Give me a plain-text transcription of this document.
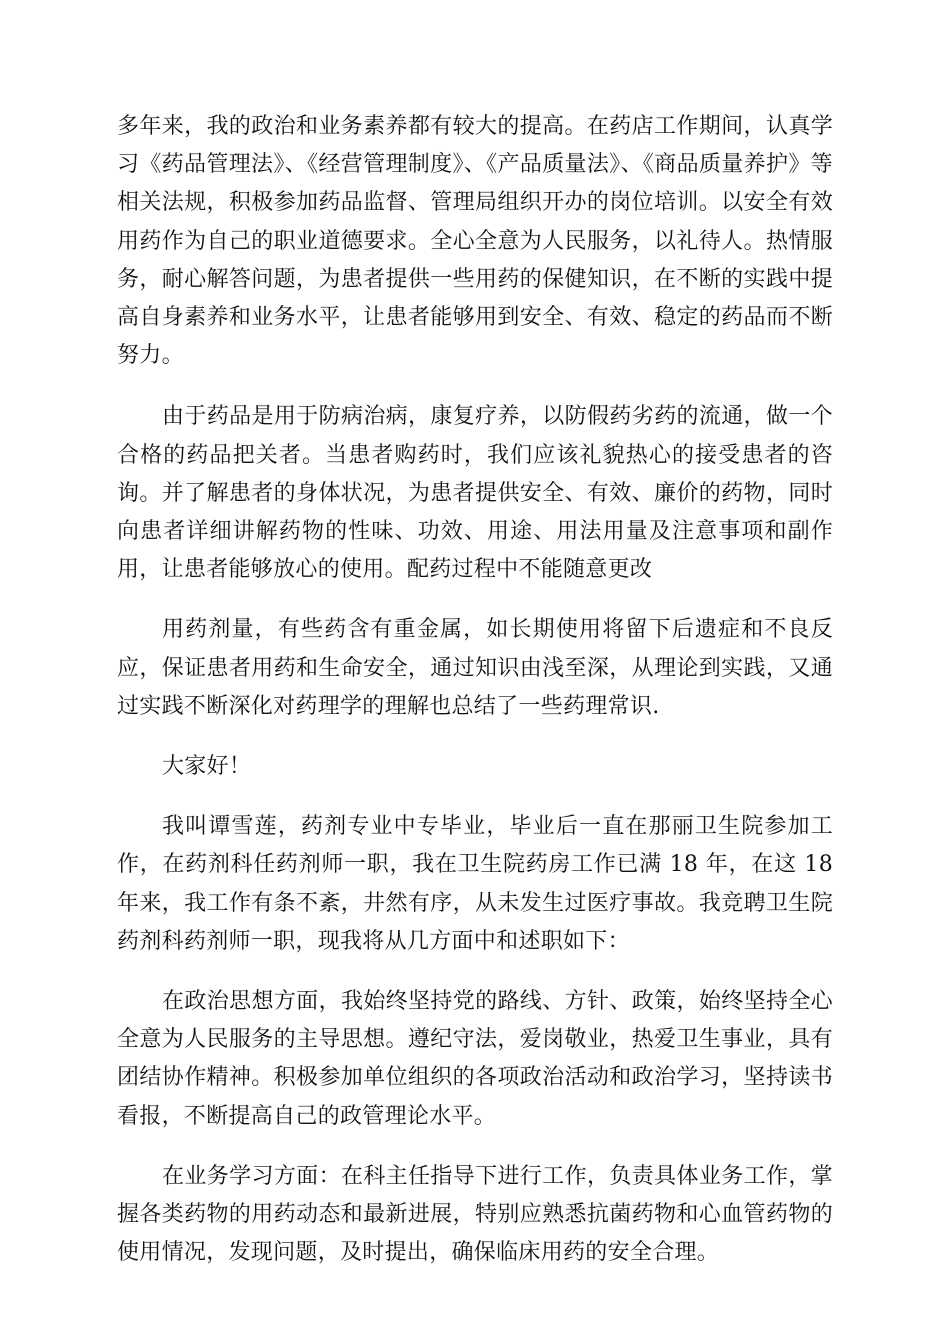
多年来，我的政治和业务素养都有较大的提高。在药店工作期间，认真学习《药品管理法》、《经营管理制度》、《产品质量法》、《商品质量养护》等相关法规，积极参加药品监督、管理局组织开办的岗位培训。以安全有效用药作为自己的职业道德要求。全心全意为人民服务，以礼待人。热情服务，耐心解答问题，为患者提供一些用药的保健知识，在不断的实践中提高自身素养和业务水平，让患者能够用到安全、有效、稳定的药品而不断努力。

由于药品是用于防病治病，康复疗养，以防假药劣药的流通，做一个合格的药品把关者。当患者购药时，我们应该礼貌热心的接受患者的咨询。并了解患者的身体状况，为患者提供安全、有效、廉价的药物，同时向患者详细讲解药物的性味、功效、用途、用法用量及注意事项和副作用，让患者能够放心的使用。配药过程中不能随意更改

用药剂量，有些药含有重金属，如长期使用将留下后遗症和不良反应，保证患者用药和生命安全，通过知识由浅至深，从理论到实践，又通过实践不断深化对药理学的理解也总结了一些药理常识.

大家好！

我叫谭雪莲，药剂专业中专毕业，毕业后一直在那丽卫生院参加工作，在药剂科任药剂师一职，我在卫生院药房工作已满 18 年，在这 18 年来，我工作有条不紊，井然有序，从未发生过医疗事故。我竞聘卫生院药剂科药剂师一职，现我将从几方面中和述职如下：

在政治思想方面，我始终坚持党的路线、方针、政策，始终坚持全心全意为人民服务的主导思想。遵纪守法，爱岗敬业，热爱卫生事业，具有团结协作精神。积极参加单位组织的各项政治活动和政治学习，坚持读书看报，不断提高自己的政管理论水平。

在业务学习方面：在科主任指导下进行工作，负责具体业务工作，掌握各类药物的用药动态和最新进展，特别应熟悉抗菌药物和心血管药物的使用情况，发现问题，及时提出，确保临床用药的安全合理。
